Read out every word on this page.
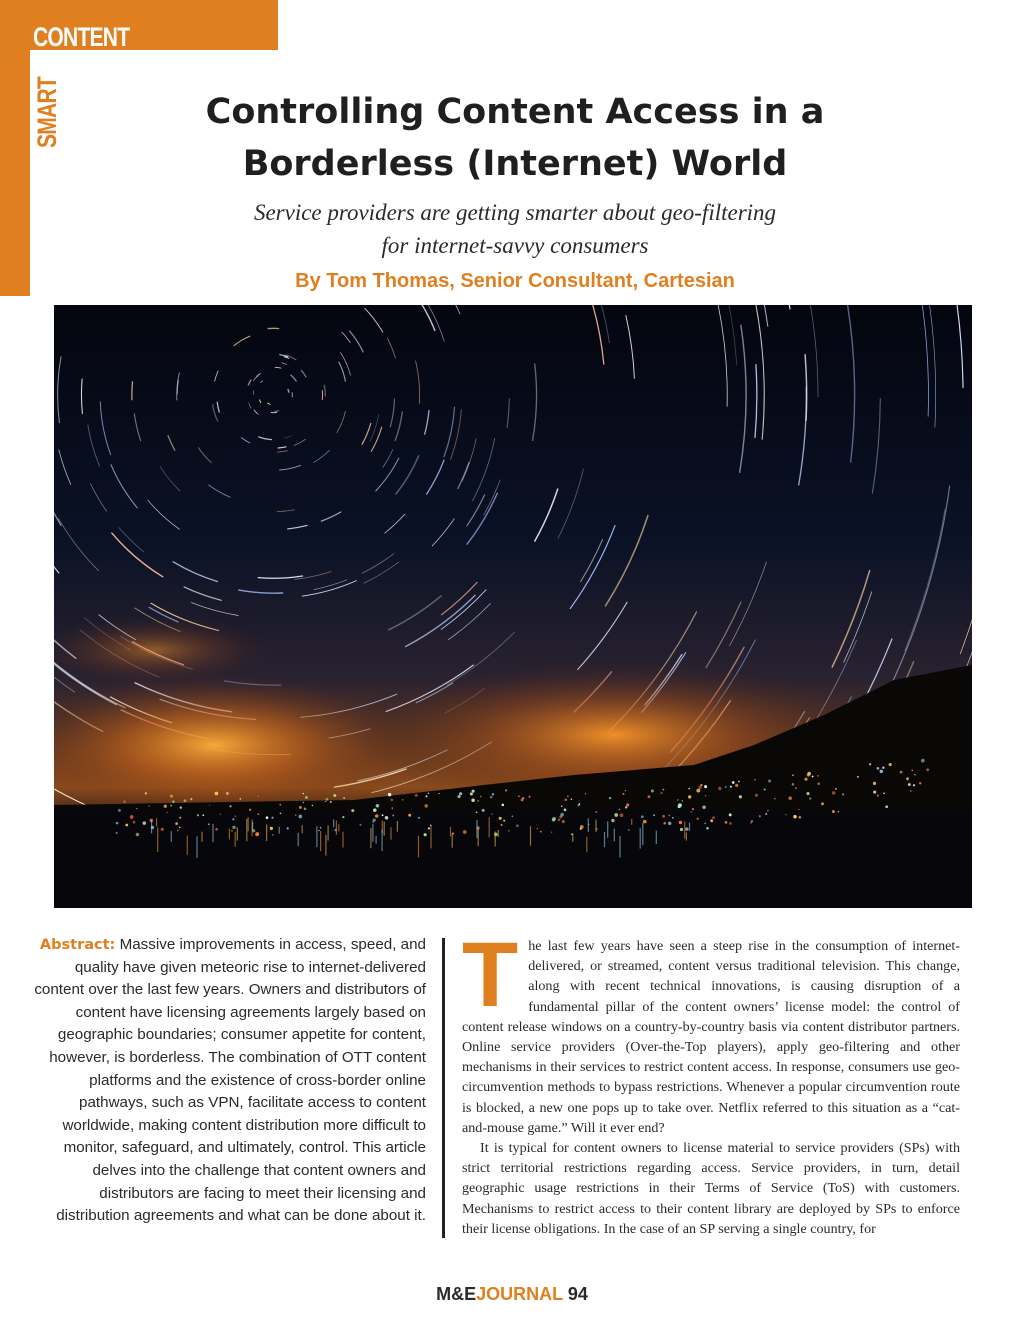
CONTENT
SMART	Controlling Content Access in a
Borderless (Internet) World
Service providers are getting smarter about geo-filtering
for internet-savvy consumers
By Tom Thomas, Senior Consultant, Cartesian

Abstract: Massive improvements in access, speed, and quality have given meteoric rise to internet-delivered content over the last few years. Owners and distributors of content have licensing agreements largely based on geographic boundaries; consumer appetite for content, however, is borderless. The combination of OTT content platforms and the existence of cross-border online pathways, such as VPN, facilitate access to content worldwide, making content distribution more difficult to monitor, safeguard, and ultimately, control. This article delves into the challenge that content owners and distributors are facing to meet their licensing and distribution agreements and what can be done about it.

T he last few years have seen a steep rise in the consumption of internet-delivered, or streamed, content versus traditional television. This change, along with recent technical innovations, is causing disruption of a fundamental pillar of the content owners’ license model: the control of content release windows on a country-by-country basis via content distributor partners. Online service providers (Over-the-Top players), apply geo-filtering and other mechanisms in their services to restrict content access. In response, consumers use geo-circumvention methods to bypass restrictions. Whenever a popular circumvention route is blocked, a new one pops up to take over. Netflix referred to this situation as a “cat-and-mouse game.” Will it ever end?

It is typical for content owners to license material to service providers (SPs) with strict territorial restrictions regarding access. Service providers, in turn, detail geographic usage restrictions in their Terms of Service (ToS) with customers. Mechanisms to restrict access to their content library are deployed by SPs to enforce their license obligations. In the case of an SP serving a single country, for

M&EJOURNAL 94
